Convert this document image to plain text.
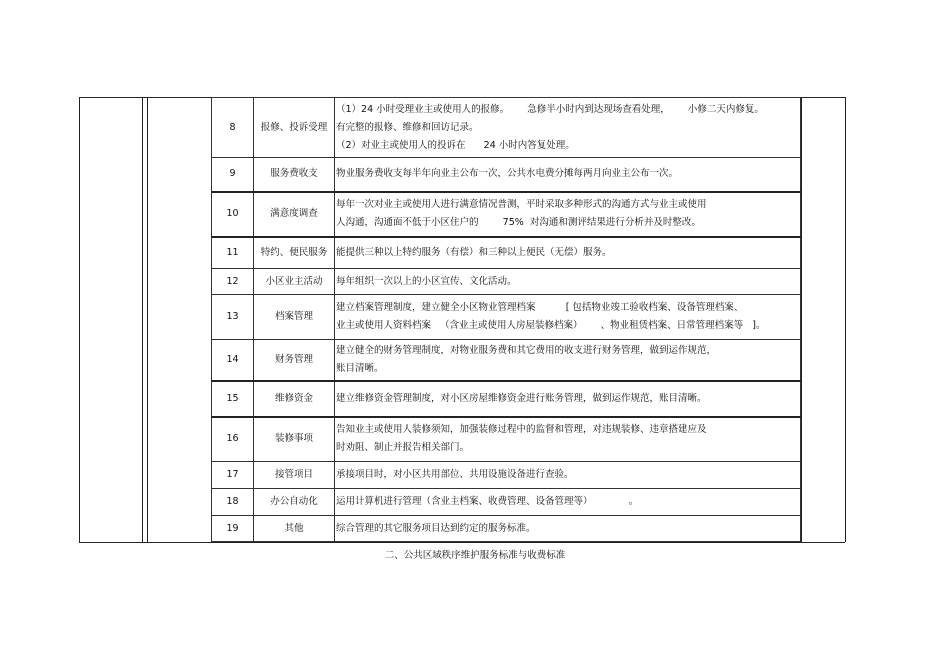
8	报修、投诉受理	（1）24 小时受理业主或使用人的报修。      急修半小时内到达现场查看处理，      小修二天内修复。
有完整的报修、维修和回访记录。
（2）对业主或使用人的投诉在      24 小时内答复处理。

9	服务费收支	物业服务费收支每半年向业主公布一次，公共水电费分摊每两月向业主公布一次。

10	满意度调查	每年一次对业主或使用人进行满意情况普测，平时采取多种形式的沟通方式与业主或使用
人沟通，沟通面不低于小区住户的        75%  对沟通和测评结果进行分析并及时整改。

11	特约、便民服务	能提供三种以上特约服务（有偿）和三种以上便民（无偿）服务。

12	小区业主活动	每年组织一次以上的小区宣传、文化活动。

13	档案管理	建立档案管理制度，建立健全小区物业管理档案          [ 包括物业竣工验收档案、设备管理档案、
业主或使用人资料档案   （含业主或使用人房屋装修档案）      、物业租赁档案、日常管理档案等   ]。

14	财务管理	建立健全的财务管理制度，对物业服务费和其它费用的收支进行财务管理，做到运作规范，
账目清晰。

15	维修资金	建立维修资金管理制度，对小区房屋维修资金进行账务管理，做到运作规范，账目清晰。

16	装修事项	告知业主或使用人装修须知，加强装修过程中的监督和管理，对违规装修、违章搭建应及
时劝阻、制止并报告相关部门。

17	接管项目	承接项目时，对小区共用部位、共用设施设备进行查验。

18	办公自动化	运用计算机进行管理（含业主档案、收费管理、设备管理等）            。

19	其他	综合管理的其它服务项目达到约定的服务标准。
二、公共区域秩序维护服务标准与收费标准
